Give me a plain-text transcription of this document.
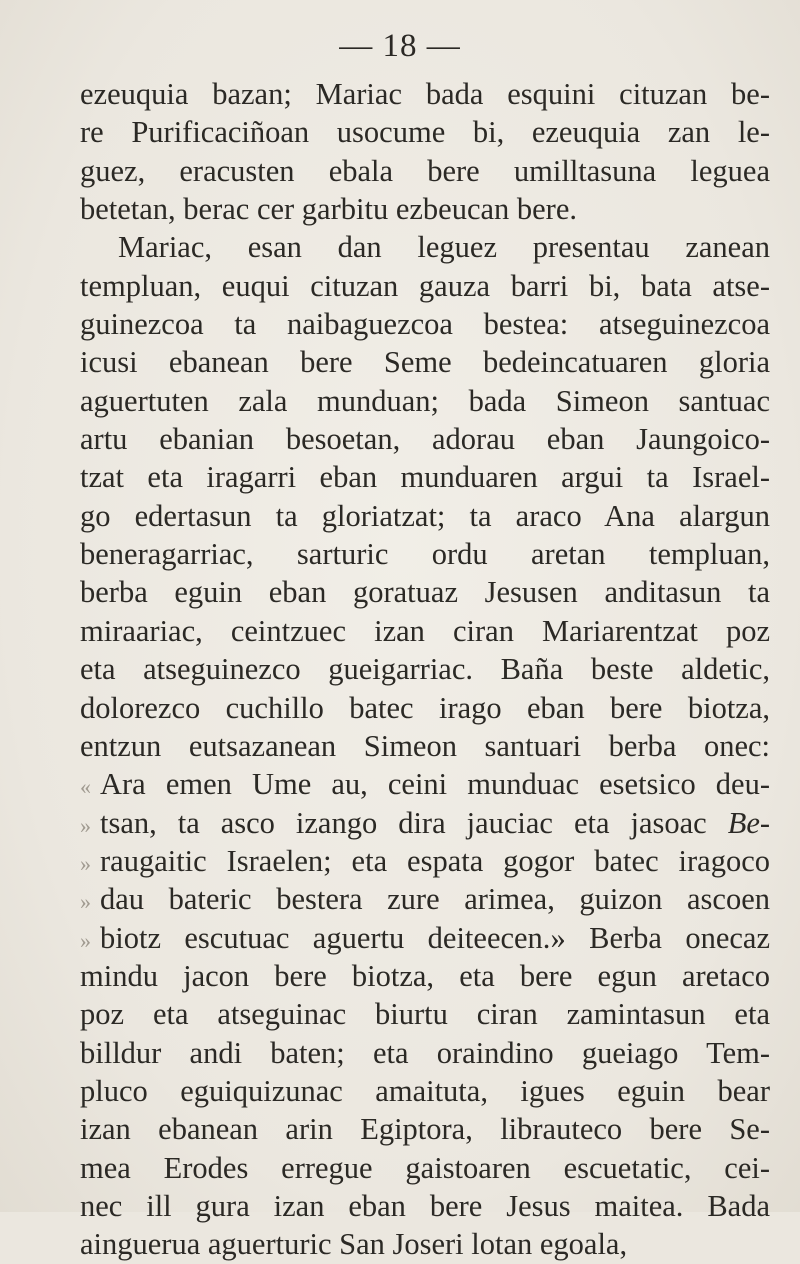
— 18 —
ezeuquia bazan; Mariac bada esquini cituzan be-
re Purificaciñoan usocume bi, ezeuquia zan le-
guez, eracusten ebala bere umilltasuna leguea
betetan, berac cer garbitu ezbeucan bere.
Mariac, esan dan leguez presentau zanean
templuan, euqui cituzan gauza barri bi, bata atse-
guinezcoa ta naibaguezcoa bestea: atseguinezcoa
icusi ebanean bere Seme bedeincatuaren gloria
aguertuten zala munduan; bada Simeon santuac
artu ebanian besoetan, adorau eban Jaungoico-
tzat eta iragarri eban munduaren argui ta Israel-
go edertasun ta gloriatzat; ta araco Ana alargun
beneragarriac, sarturic ordu aretan templuan,
berba eguin eban goratuaz Jesusen anditasun ta
miraariac, ceintzuec izan ciran Mariarentzat poz
eta atseguinezco gueigarriac. Baña beste aldetic,
dolorezco cuchillo batec irago eban bere biotza,
entzun eutsazanean Simeon santuari berba onec:
« Ara emen Ume au, ceini munduac esetsico deu-
» tsan, ta asco izango dira jauciac eta jasoac Be-
» raugaitic Israelen; eta espata gogor batec iragoco
» dau bateric bestera zure arimea, guizon ascoen
» biotz escutuac aguertu deiteecen.» Berba onecaz
mindu jacon bere biotza, eta bere egun aretaco
poz eta atseguinac biurtu ciran zamintasun eta
billdur andi baten; eta oraindino gueiago Tem-
pluco eguiquizunac amaituta, igues eguin bear
izan ebanean arin Egiptora, librauteco bere Se-
mea Erodes erregue gaistoaren escuetatic, cei-
nec ill gura izan eban bere Jesus maitea. Bada
ainguerua aguerturic San Joseri lotan egoala,
